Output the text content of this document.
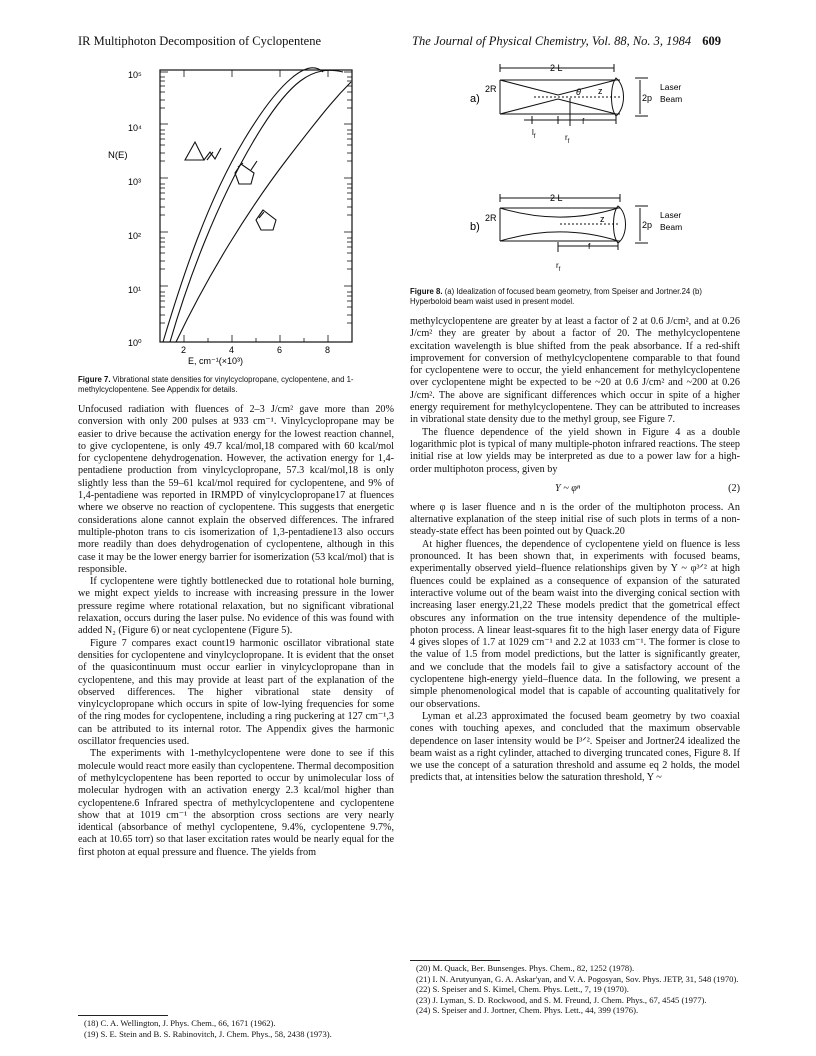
IR Multiphoton Decomposition of Cyclopentene	The Journal of Physical Chemistry, Vol. 88, No. 3, 1984 609
10⁵
10⁴
10³
10²
10¹
10⁰
N(E)
2	4	6	8
E, cm⁻¹(×10³)
Figure 7. Vibrational state densities for vinylcyclopropane, cyclopentene, and 1-methylcyclopentene. See Appendix for details.

Unfocused radiation with fluences of 2–3 J/cm² gave more than 20% conversion with only 200 pulses at 933 cm⁻¹. Vinylcyclopropane may be easier to drive because the activation energy for the lowest reaction channel, to give cyclopentene, is only 49.7 kcal/mol,18 compared with 60 kcal/mol for cyclopentene dehydrogenation. However, the activation energy for 1,4-pentadiene production from vinylcyclopropane, 57.3 kcal/mol,18 is only slightly less than the 59–61 kcal/mol required for cyclopentene, and 9% of 1,4-pentadiene was reported in IRMPD of vinylcyclopropane17 at fluences where we observe no reaction of cyclopentene. This suggests that energetic considerations alone cannot explain the observed differences. The infrared multiple-photon trans to cis isomerization of 1,3-pentadiene13 also occurs more readily than does dehydrogenation of cyclopentene, although in this case it may be the lower energy barrier for isomerization (53 kcal/mol) that is responsible.

If cyclopentene were tightly bottlenecked due to rotational hole burning, we might expect yields to increase with increasing pressure in the lower pressure regime where rotational relaxation, but no significant vibrational relaxation, occurs during the laser pulse. No evidence of this was found with added N₂ (Figure 6) or neat cyclopentene (Figure 5).

Figure 7 compares exact count19 harmonic oscillator vibrational state densities for cyclopentene and vinylcyclopropane. It is evident that the onset of the quasicontinuum must occur earlier in vinylcyclopropane than in cyclopentene, and this may provide at least part of the explanation of the observed differences. The higher vibrational state density of vinylcyclopropane which occurs in spite of low-lying frequencies for some of the ring modes for cyclopentene, including a ring puckering at 127 cm⁻¹,3 can be attributed to its internal rotor. The Appendix gives the harmonic oscillator frequencies used.

The experiments with 1-methylcyclopentene were done to see if this molecule would react more easily than cyclopentene. Thermal decomposition of methylcyclopentene has been reported to occur by unimolecular loss of molecular hydrogen with an activation energy 2.3 kcal/mol higher than cyclopentene.6 Infrared spectra of methylcyclopentene and cyclopentene show that at 1019 cm⁻¹ the absorption cross sections are very nearly identical (absorbance of methyl cyclopentene, 9.4%, cyclopentene 9.7%, each at 10.65 torr) so that laser excitation rates would be nearly equal for the first photon at equal pressure and fluence. The yields from

(18) C. A. Wellington, J. Phys. Chem., 66, 1671 (1962).
(19) S. E. Stein and B. S. Rabinovitch, J. Chem. Phys., 58, 2438 (1973).
a)
2 L
2R	θ z
2p
Laser
Beam
$l_f$
f
$r_f$
b)
2 L
2R	z
2p
Laser
Beam
f
$r_f$
Figure 8. (a) Idealization of focused beam geometry, from Speiser and Jortner.24 (b) Hyperboloid beam waist used in present model.

methylcyclopentene are greater by at least a factor of 2 at 0.6 J/cm², and at 0.26 J/cm² they are greater by about a factor of 20. The methylcyclopentene excitation wavelength is blue shifted from the peak absorbance. If a red-shift improvement for conversion of methylcyclopentene comparable to that found for cyclopentene were to occur, the yield enhancement for methylcyclopentene over cyclopentene might be expected to be ~20 at 0.6 J/cm² and ~200 at 0.26 J/cm². The above are significant differences which occur in spite of a higher energy requirement for methylcyclopentene. They can be attributed to increases in vibrational state density due to the methyl group, see Figure 7.

The fluence dependence of the yield shown in Figure 4 as a double logarithmic plot is typical of many multiple-photon infrared reactions. The steep initial rise at low yields may be interpreted as due to a power law for a high-order multiphoton process, given by

Y ~ φⁿ	(2)

where φ is laser fluence and n is the order of the multiphoton process. An alternative explanation of the steep initial rise of such plots in terms of a non-steady-state effect has been pointed out by Quack.20

At higher fluences, the dependence of cyclopentene yield on fluence is less pronounced. It has been shown that, in experiments with focused beams, experimentally observed yield–fluence relationships given by Y ~ φ³ᐟ² at high fluences could be explained as a consequence of expansion of the saturated interactive volume out of the beam waist into the diverging conical section with increasing laser energy.21,22 These models predict that the gometrical effect obscures any information on the true intensity dependence of the multiple-photon process. A linear least-squares fit to the high laser energy data of Figure 4 gives slopes of 1.7 at 1029 cm⁻¹ and 2.2 at 1033 cm⁻¹. The former is close to the value of 1.5 from model predictions, but the latter is significantly greater, and we conclude that the models fail to give a satisfactory account of the cyclopentene high-energy yield–fluence data. In the following, we present a simple phenomenological model that is capable of accounting qualitatively for our observations.

Lyman et al.23 approximated the focused beam geometry by two coaxial cones with touching apexes, and concluded that the maximum observable dependence on laser intensity would be I³ᐟ². Speiser and Jortner24 idealized the beam waist as a right cylinder, attached to diverging truncated cones, Figure 8. If we use the concept of a saturation threshold and assume eq 2 holds, the model predicts that, at intensities below the saturation threshold, Y ~

(20) M. Quack, Ber. Bunsenges. Phys. Chem., 82, 1252 (1978).
(21) I. N. Arutyunyan, G. A. Askar'yan, and V. A. Pogosyan, Sov. Phys. JETP, 31, 548 (1970).
(22) S. Speiser and S. Kimel, Chem. Phys. Lett., 7, 19 (1970).
(23) J. Lyman, S. D. Rockwood, and S. M. Freund, J. Chem. Phys., 67, 4545 (1977).
(24) S. Speiser and J. Jortner, Chem. Phys. Lett., 44, 399 (1976).
